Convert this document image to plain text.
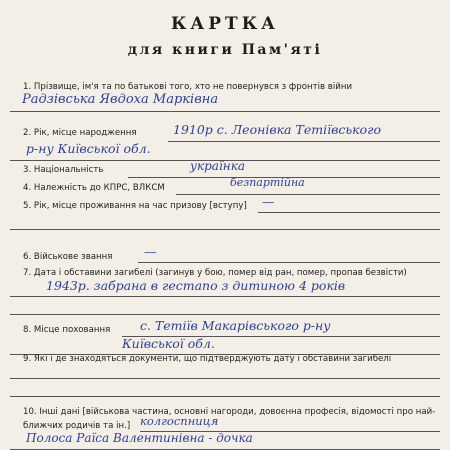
КАРТКА
для книги Пам'яті
1. Прізвище, ім'я та по батькові того, хто не повернувся з фронтів війни
Радзівська Явдоха Марківна
2. Рік, місце народження	1910р с. Леонівка Тетіївського
р-ну Київської обл.
3. Національність	українка
4. Належність до КПРС, ВЛКСМ	безпартійна
5. Рік, місце проживання на час призову [вступу] —
6. Військове звання	—
7. Дата і обставини загибелі (загинув у бою, помер від ран, помер, пропав безвісти)
1943р. забрана в гестапо з дитиною 4 років
8. Місце поховання с. Тетіїв Макарівського р-ну
Київської обл.
9. Які і де знаходяться документи, що підтверджують дату і обставини загибелі
10. Інші дані [військова частина, основні нагороди, довоєнна професія, відомості про най-
ближчих родичів та ін.] колгоспниця
Полоса Раїса Валентинівна - дочка
